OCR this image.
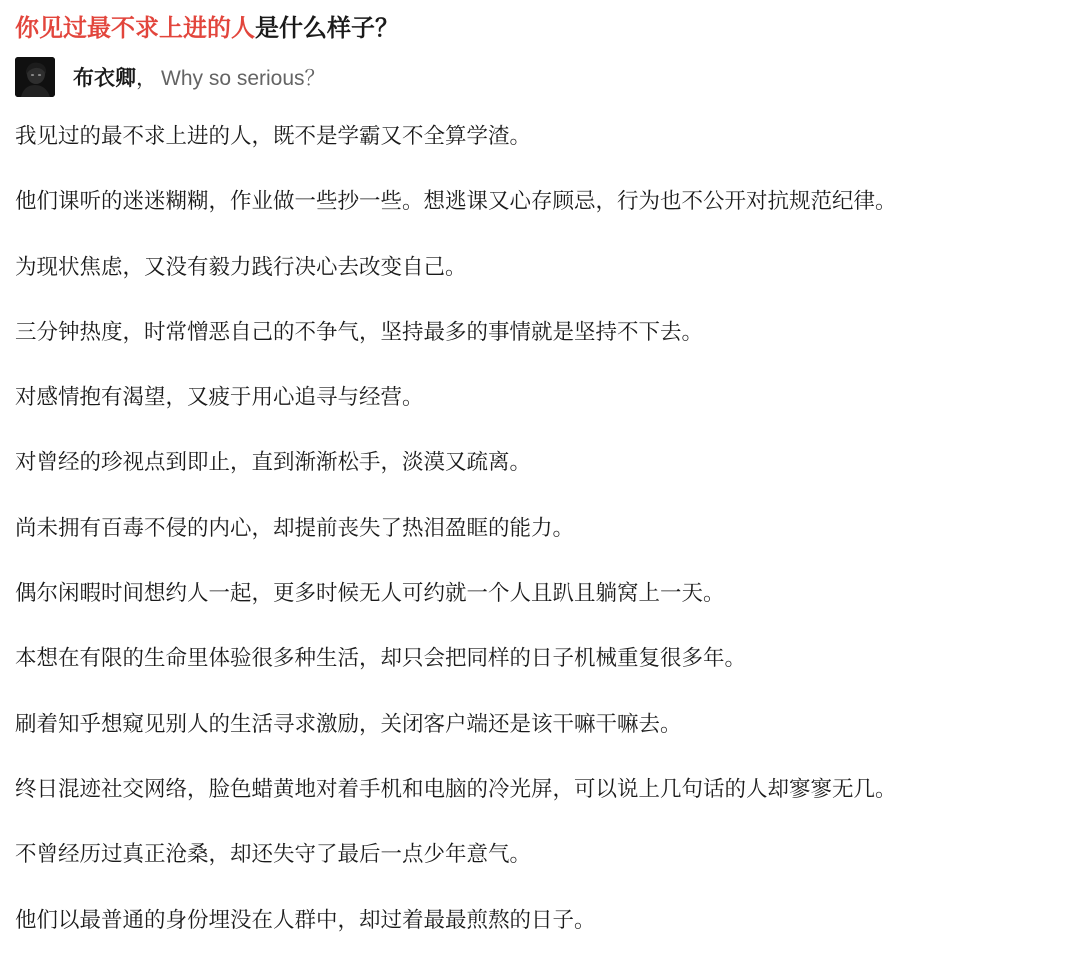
你见过最不求上进的人是什么样子？
布衣卿 ， Why so serious？

我见过的最不求上进的人，既不是学霸又不全算学渣。

他们课听的迷迷糊糊，作业做一些抄一些。想逃课又心存顾忌，行为也不公开对抗规范纪律。

为现状焦虑，又没有毅力践行决心去改变自己。

三分钟热度，时常憎恶自己的不争气，坚持最多的事情就是坚持不下去。

对感情抱有渴望，又疲于用心追寻与经营。

对曾经的珍视点到即止，直到渐渐松手，淡漠又疏离。

尚未拥有百毒不侵的内心，却提前丧失了热泪盈眶的能力。

偶尔闲暇时间想约人一起，更多时候无人可约就一个人且趴且躺窝上一天。

本想在有限的生命里体验很多种生活，却只会把同样的日子机械重复很多年。

刷着知乎想窥见别人的生活寻求激励，关闭客户端还是该干嘛干嘛去。

终日混迹社交网络，脸色蜡黄地对着手机和电脑的冷光屏，可以说上几句话的人却寥寥无几。

不曾经历过真正沧桑，却还失守了最后一点少年意气。

他们以最普通的身份埋没在人群中，却过着最最煎熬的日子。
